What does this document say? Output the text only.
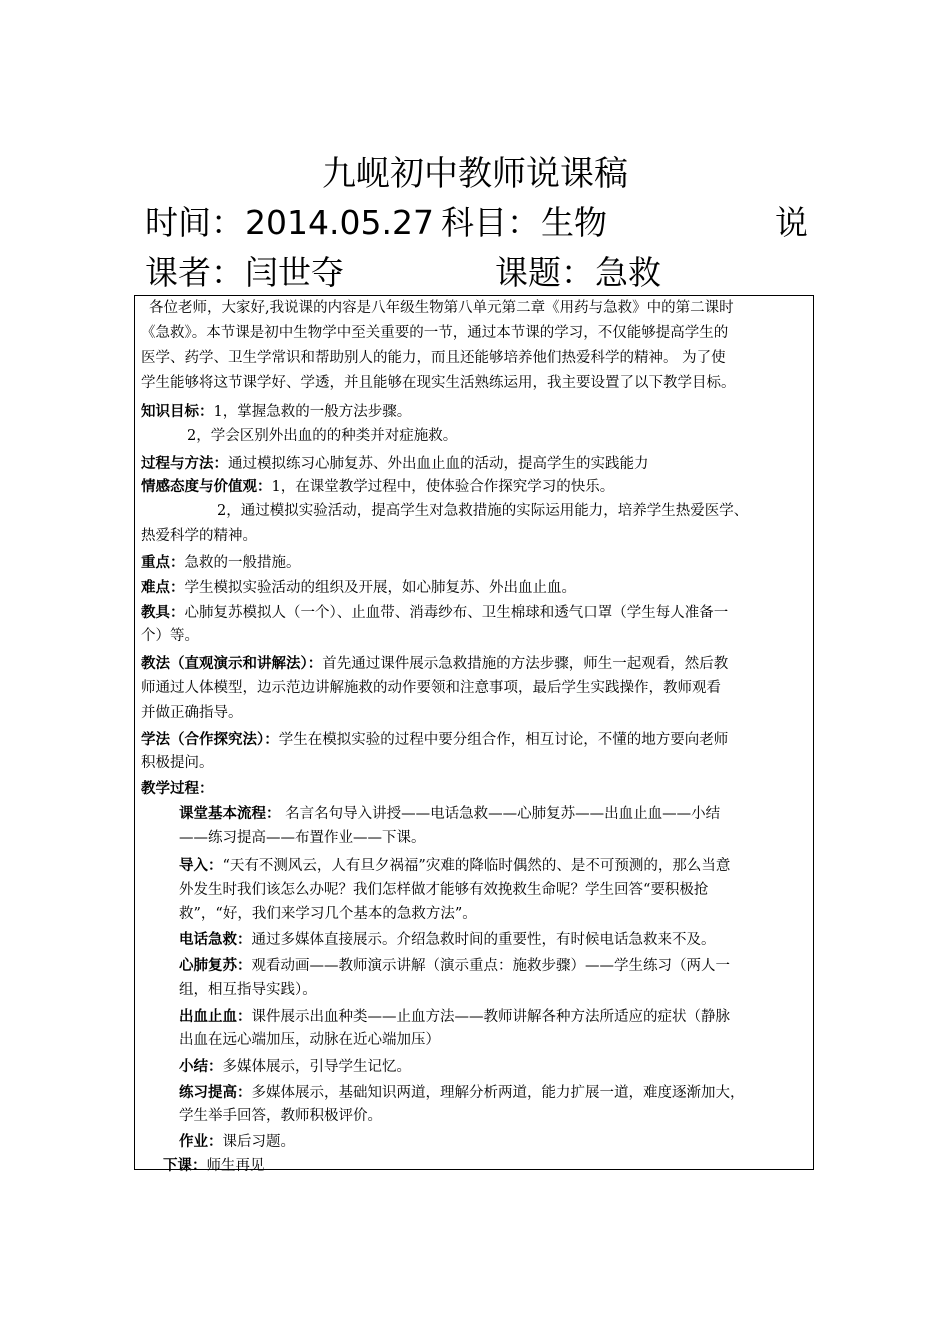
九岘初中教师说课稿
时间： 2014.05.27 科目： 生物	说
课者： 闫世夺	课题： 急救
各位老师，大家好,我说课的内容是八年级生物第八单元第二章《用药与急救》中的第二课时
《急救》。本节课是初中生物学中至关重要的一节，通过本节课的学习，不仅能够提高学生的
医学、药学、卫生学常识和帮助别人的能力，而且还能够培养他们热爱科学的精神。 为了使
学生能够将这节课学好、学透，并且能够在现实生活熟练运用，我主要设置了以下教学目标。
知识目标：1，掌握急救的一般方法步骤。
2，学会区别外出血的的种类并对症施救。
过程与方法：通过模拟练习心肺复苏、外出血止血的活动，提高学生的实践能力
情感态度与价值观：1，在课堂教学过程中，使体验合作探究学习的快乐。
2，通过模拟实验活动，提高学生对急救措施的实际运用能力，培养学生热爱医学、
热爱科学的精神。
重点：急救的一般措施。
难点：学生模拟实验活动的组织及开展，如心肺复苏、外出血止血。
教具：心肺复苏模拟人（一个）、止血带、消毒纱布、卫生棉球和透气口罩（学生每人准备一
个）等。
教法（直观演示和讲解法）：首先通过课件展示急救措施的方法步骤，师生一起观看，然后教
师通过人体模型，边示范边讲解施救的动作要领和注意事项，最后学生实践操作，教师观看
并做正确指导。
学法（合作探究法）：学生在模拟实验的过程中要分组合作，相互讨论，不懂的地方要向老师
积极提问。
教学过程：
课堂基本流程： 名言名句导入讲授——电话急救——心肺复苏——出血止血——小结
——练习提高——布置作业——下课。
导入：“天有不测风云，人有旦夕祸福”灾难的降临时偶然的、是不可预测的，那么当意
外发生时我们该怎么办呢？我们怎样做才能够有效挽救生命呢？学生回答“要积极抢
救”，“好，我们来学习几个基本的急救方法”。
电话急救：通过多媒体直接展示。介绍急救时间的重要性，有时候电话急救来不及。
心肺复苏：观看动画——教师演示讲解（演示重点：施救步骤）——学生练习（两人一
组，相互指导实践）。
出血止血：课件展示出血种类——止血方法——教师讲解各种方法所适应的症状（静脉
出血在远心端加压，动脉在近心端加压）
小结：多媒体展示，引导学生记忆。
练习提高：多媒体展示，基础知识两道，理解分析两道，能力扩展一道，难度逐渐加大，
学生举手回答，教师积极评价。
作业：课后习题。
下课：师生再见
